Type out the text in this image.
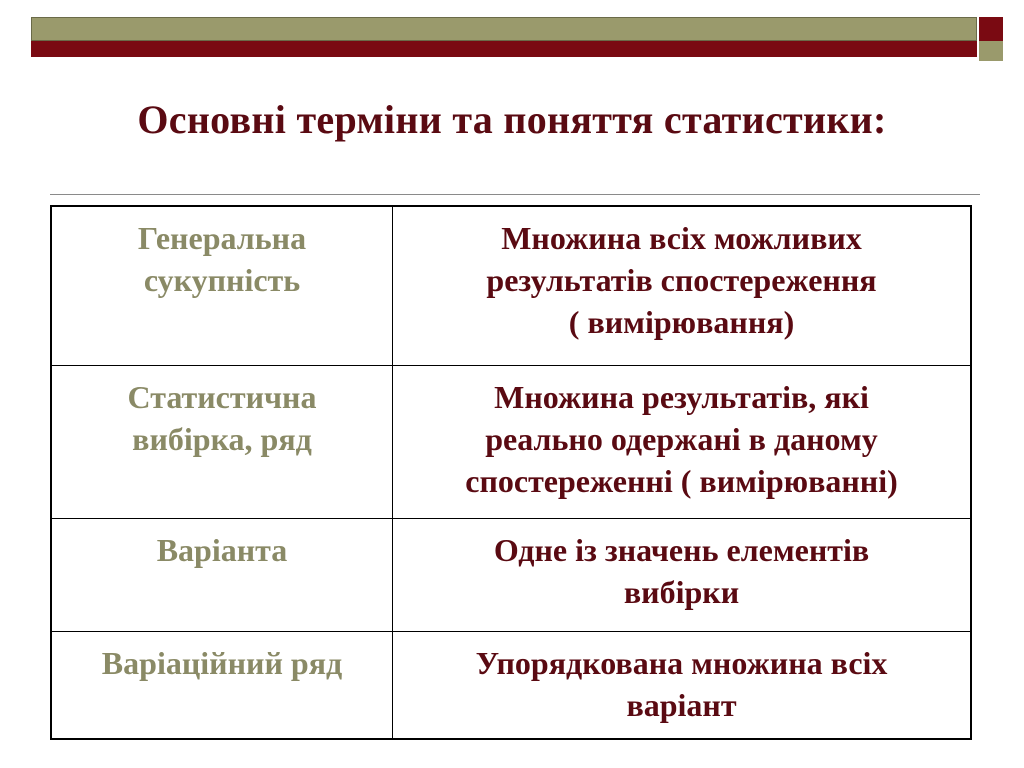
Основні терміни та поняття статистики:
Генеральна
сукупність	Множина всіх можливих
результатів спостереження
( вимірювання)

Статистична
вибірка, ряд	Множина результатів, які
реально одержані в даному
спостереженні ( вимірюванні)

Варіанта	Одне із значень елементів
вибірки

Варіаційний ряд	Упорядкована множина всіх
варіант
